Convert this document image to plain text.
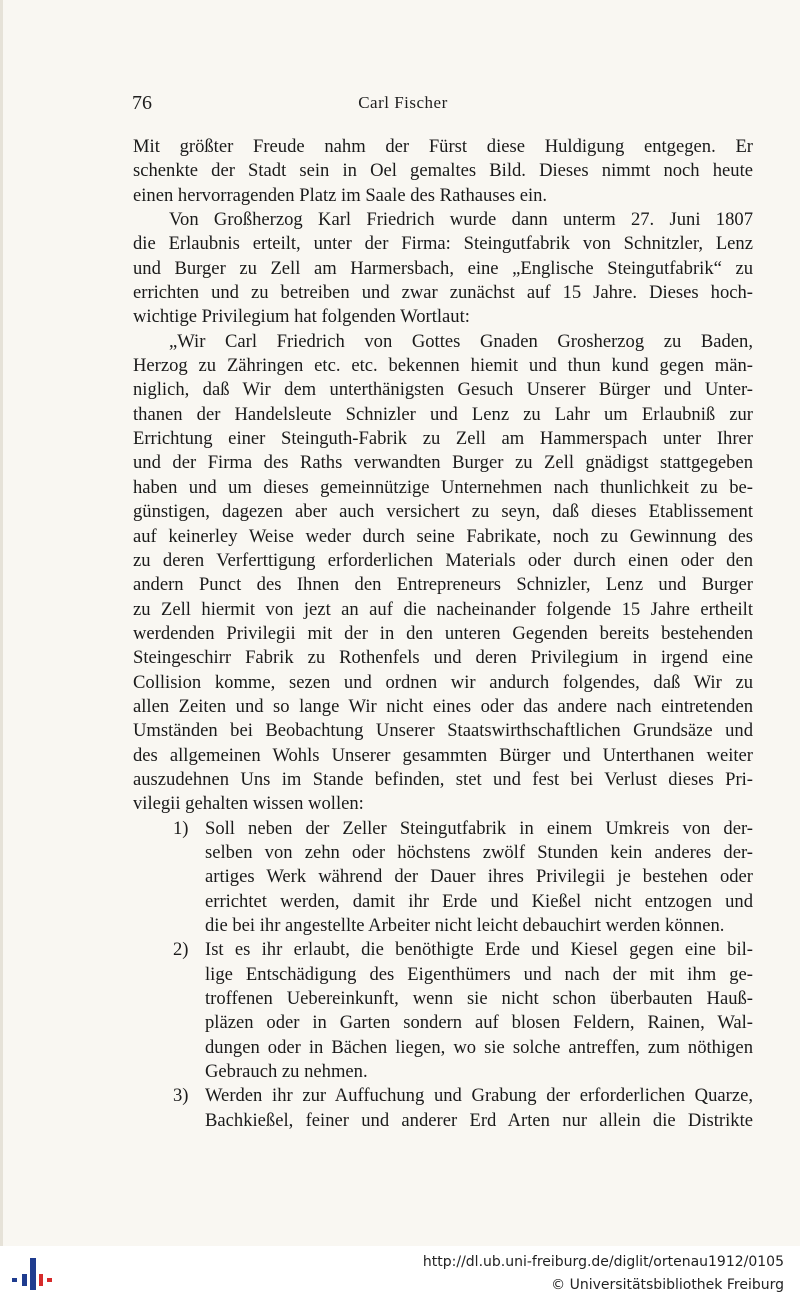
76	Carl Fischer
Mit größter Freude nahm der Fürst diese Huldigung entgegen. Er
schenkte der Stadt sein in Oel gemaltes Bild. Dieses nimmt noch heute
einen hervorragenden Platz im Saale des Rathauses ein.
Von Großherzog Karl Friedrich wurde dann unterm 27. Juni 1807
die Erlaubnis erteilt, unter der Firma: Steingutfabrik von Schnitzler, Lenz
und Burger zu Zell am Harmersbach, eine „Englische Steingutfabrik“ zu
errichten und zu betreiben und zwar zunächst auf 15 Jahre. Dieses hoch-
wichtige Privilegium hat folgenden Wortlaut:
„Wir Carl Friedrich von Gottes Gnaden Grosherzog zu Baden,
Herzog zu Zähringen etc. etc. bekennen hiemit und thun kund gegen män-
niglich, daß Wir dem unterthänigsten Gesuch Unserer Bürger und Unter-
thanen der Handelsleute Schnizler und Lenz zu Lahr um Erlaubniß zur
Errichtung einer Steinguth-Fabrik zu Zell am Hammerspach unter Ihrer
und der Firma des Raths verwandten Burger zu Zell gnädigst stattgegeben
haben und um dieses gemeinnützige Unternehmen nach thunlichkeit zu be-
günstigen, dagezen aber auch versichert zu seyn, daß dieses Etablissement
auf keinerley Weise weder durch seine Fabrikate, noch zu Gewinnung des
zu deren Verferttigung erforderlichen Materials oder durch einen oder den
andern Punct des Ihnen den Entrepreneurs Schnizler, Lenz und Burger
zu Zell hiermit von jezt an auf die nacheinander folgende 15 Jahre ertheilt
werdenden Privilegii mit der in den unteren Gegenden bereits bestehenden
Steingeschirr Fabrik zu Rothenfels und deren Privilegium in irgend eine
Collision komme, sezen und ordnen wir andurch folgendes, daß Wir zu
allen Zeiten und so lange Wir nicht eines oder das andere nach eintretenden
Umständen bei Beobachtung Unserer Staatswirthschaftlichen Grundsäze und
des allgemeinen Wohls Unserer gesammten Bürger und Unterthanen weiter
auszudehnen Uns im Stande befinden, stet und fest bei Verlust dieses Pri-
vilegii gehalten wissen wollen:
1) Soll neben der Zeller Steingutfabrik in einem Umkreis von der-
selben von zehn oder höchstens zwölf Stunden kein anderes der-
artiges Werk während der Dauer ihres Privilegii je bestehen oder
errichtet werden, damit ihr Erde und Kießel nicht entzogen und
die bei ihr angestellte Arbeiter nicht leicht debauchirt werden können.
2) Ist es ihr erlaubt, die benöthigte Erde und Kiesel gegen eine bil-
lige Entschädigung des Eigenthümers und nach der mit ihm ge-
troffenen Uebereinkunft, wenn sie nicht schon überbauten Hauß-
pläzen oder in Garten sondern auf blosen Feldern, Rainen, Wal-
dungen oder in Bächen liegen, wo sie solche antreffen, zum nöthigen
Gebrauch zu nehmen.
3) Werden ihr zur Auffuchung und Grabung der erforderlichen Quarze,
Bachkießel, feiner und anderer Erd Arten nur allein die Distrikte
http://dl.ub.uni-freiburg.de/diglit/ortenau1912/0105
© Universitätsbibliothek Freiburg
